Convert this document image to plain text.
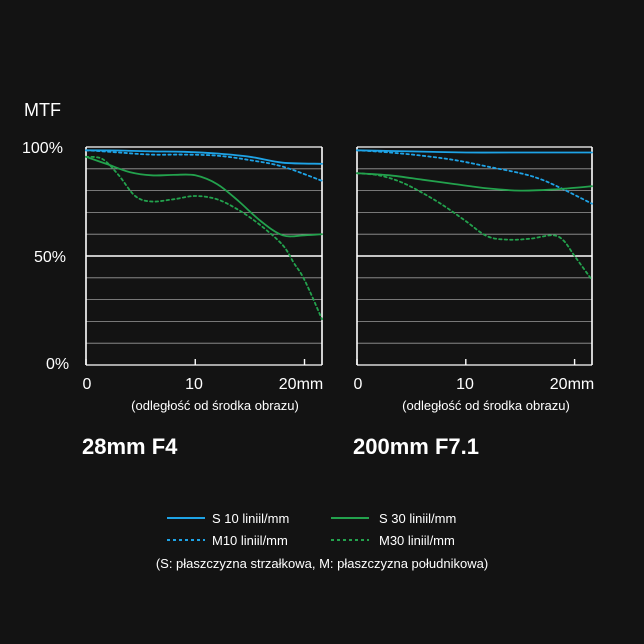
MTF
100%
50%
0%
0	10	20mm
(odległość od środka obrazu)
28mm F4
0	10	20mm
(odległość od środka obrazu)
200mm F7.1
S 10 liniil/mm
M10 liniil/mm
S 30 liniil/mm
M30 liniil/mm
(S: płaszczyzna strzałkowa, M: płaszczyzna południkowa)
